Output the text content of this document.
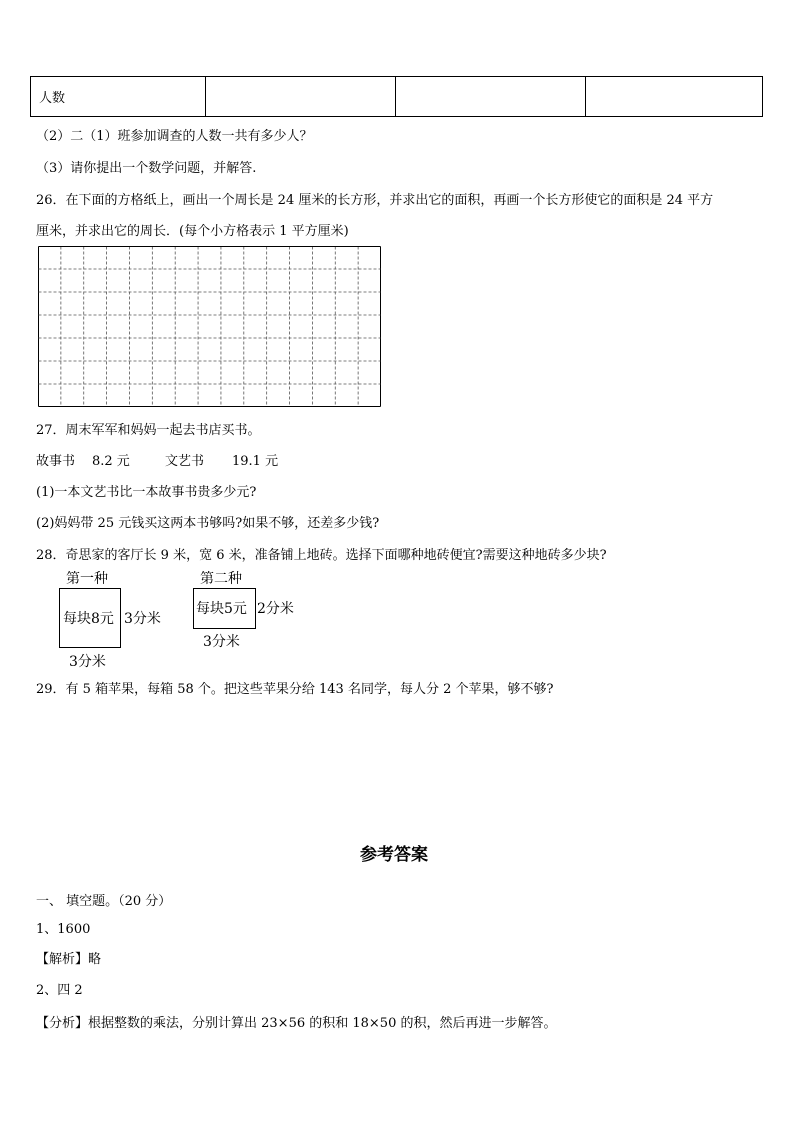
人数			
（2）二（1）班参加调查的人数一共有多少人？
（3）请你提出一个数学问题，并解答.
26．在下面的方格纸上，画出一个周长是 24 厘米的长方形，并求出它的面积，再画一个长方形使它的面积是 24 平方
厘米，并求出它的周长．(每个小方格表示 1 平方厘米)
27．周末军军和妈妈一起去书店买书。
故事书 8.2 元	文艺书 19.1 元
(1)一本文艺书比一本故事书贵多少元?
(2)妈妈带 25 元钱买这两本书够吗?如果不够，还差多少钱?
28．奇思家的客厅长 9 米，宽 6 米，准备铺上地砖。选择下面哪种地砖便宜?需要这种地砖多少块?
第一种
每块8元 3分米
3分米
第二种
每块5元 2分米
3分米
29．有 5 箱苹果，每箱 58 个。把这些苹果分给 143 名同学，每人分 2 个苹果，够不够?
参考答案
一、 填空题。（20 分）
1、1600
【解析】略
2、四 2
【分析】根据整数的乘法，分别计算出 23×56 的积和 18×50 的积，然后再进一步解答。
